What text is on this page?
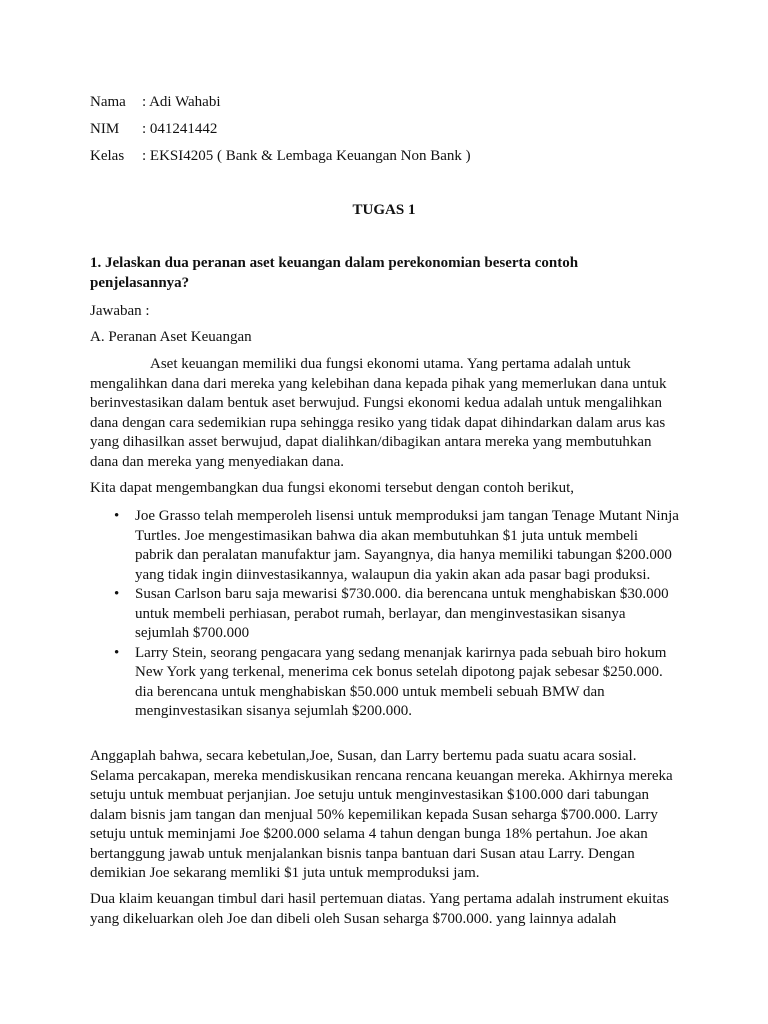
Nama : Adi Wahabi
NIM : 041241442
Kelas : EKSI4205 ( Bank & Lembaga Keuangan Non Bank )
TUGAS 1

1. Jelaskan dua peranan aset keuangan dalam perekonomian beserta contoh penjelasannya?

Jawaban :

A. Peranan Aset Keuangan

Aset keuangan memiliki dua fungsi ekonomi utama. Yang pertama adalah untuk mengalihkan dana dari mereka yang kelebihan dana kepada pihak yang memerlukan dana untuk berinvestasikan dalam bentuk aset berwujud. Fungsi ekonomi kedua adalah untuk mengalihkan dana dengan cara sedemikian rupa sehingga resiko yang tidak dapat dihindarkan dalam arus kas yang dihasilkan asset berwujud, dapat dialihkan/dibagikan antara mereka yang membutuhkan dana dan mereka yang menyediakan dana.

Kita dapat mengembangkan dua fungsi ekonomi tersebut dengan contoh berikut,

• Joe Grasso telah memperoleh lisensi untuk memproduksi jam tangan Tenage Mutant Ninja Turtles. Joe mengestimasikan bahwa dia akan membutuhkan $1 juta untuk membeli pabrik dan peralatan manufaktur jam. Sayangnya, dia hanya memiliki tabungan $200.000 yang tidak ingin diinvestasikannya, walaupun dia yakin akan ada pasar bagi produksi.
• Susan Carlson baru saja mewarisi $730.000. dia berencana untuk menghabiskan $30.000 untuk membeli perhiasan, perabot rumah, berlayar, dan menginvestasikan sisanya sejumlah $700.000
• Larry Stein, seorang pengacara yang sedang menanjak karirnya pada sebuah biro hokum New York yang terkenal, menerima cek bonus setelah dipotong pajak sebesar $250.000. dia berencana untuk menghabiskan $50.000 untuk membeli sebuah BMW dan menginvestasikan sisanya sejumlah $200.000.

Anggaplah bahwa, secara kebetulan,Joe, Susan, dan Larry bertemu pada suatu acara sosial. Selama percakapan, mereka mendiskusikan rencana rencana keuangan mereka. Akhirnya mereka setuju untuk membuat perjanjian. Joe setuju untuk menginvestasikan $100.000 dari tabungan dalam bisnis jam tangan dan menjual 50% kepemilikan kepada Susan seharga $700.000. Larry setuju untuk meminjami Joe $200.000 selama 4 tahun dengan bunga 18% pertahun. Joe akan bertanggung jawab untuk menjalankan bisnis tanpa bantuan dari Susan atau Larry. Dengan demikian Joe sekarang memliki $1 juta untuk memproduksi jam.

Dua klaim keuangan timbul dari hasil pertemuan diatas. Yang pertama adalah instrument ekuitas yang dikeluarkan oleh Joe dan dibeli oleh Susan seharga $700.000. yang lainnya adalah
